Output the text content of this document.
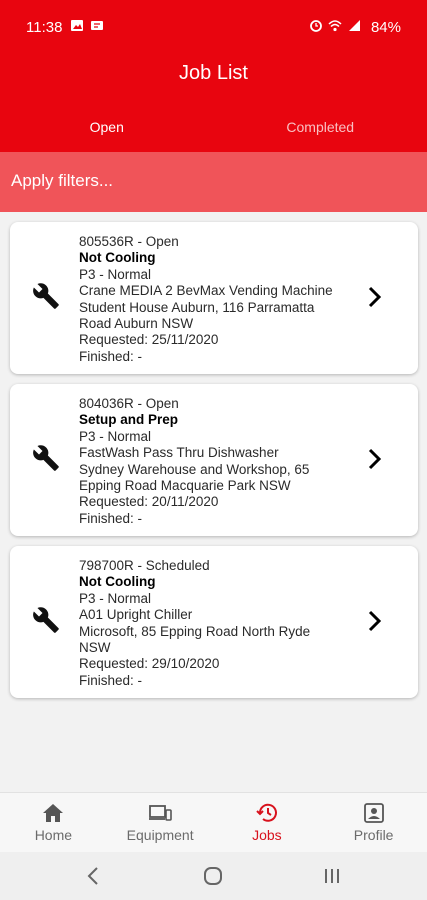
11:38	84%
Job List
Open	Completed
Apply filters...
805536R - Open
Not Cooling
P3 - Normal
Crane MEDIA 2 BevMax Vending Machine
Student House Auburn, 116 Parramatta
Road Auburn NSW
Requested: 25/11/2020
Finished: -
804036R - Open
Setup and Prep
P3 - Normal
FastWash Pass Thru Dishwasher
Sydney Warehouse and Workshop, 65
Epping Road Macquarie Park NSW
Requested: 20/11/2020
Finished: -
798700R - Scheduled
Not Cooling
P3 - Normal
A01 Upright Chiller
Microsoft, 85 Epping Road North Ryde
NSW
Requested: 29/10/2020
Finished: -
Home	Equipment	Jobs	Profile
